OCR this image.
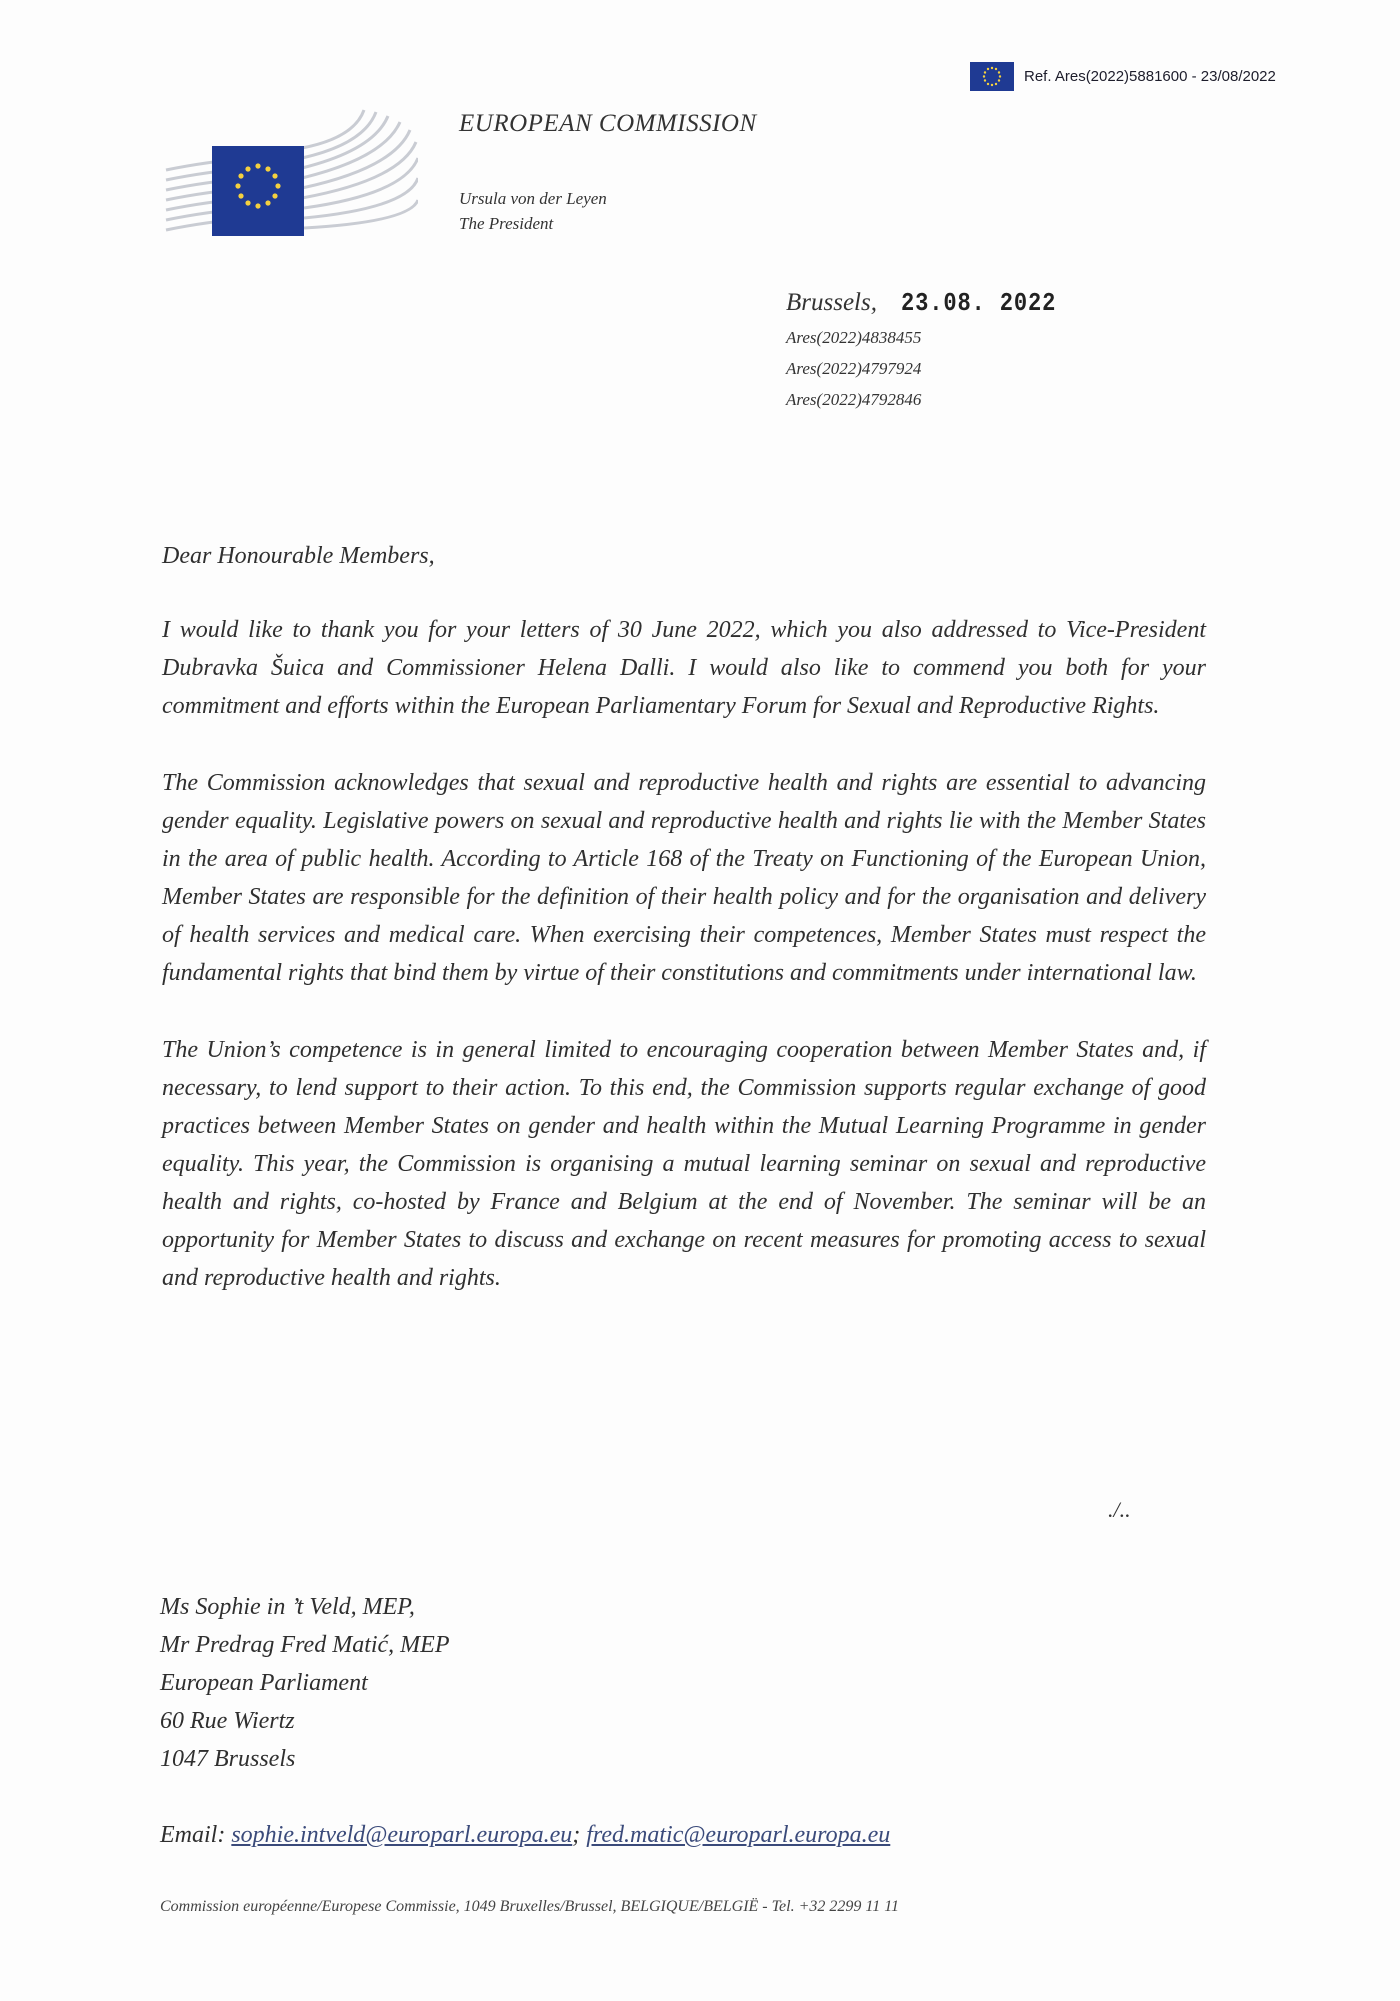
Ref. Ares(2022)5881600 - 23/08/2022
EUROPEAN COMMISSION
Ursula von der Leyen
The President
Brussels, 23.08. 2022
Ares(2022)4838455
Ares(2022)4797924
Ares(2022)4792846

Dear Honourable Members,

I would like to thank you for your letters of 30 June 2022, which you also addressed to Vice-President Dubravka Šuica and Commissioner Helena Dalli. I would also like to commend you both for your commitment and efforts within the European Parliamentary Forum for Sexual and Reproductive Rights.

The Commission acknowledges that sexual and reproductive health and rights are essential to advancing gender equality. Legislative powers on sexual and reproductive health and rights lie with the Member States in the area of public health. According to Article 168 of the Treaty on Functioning of the European Union, Member States are responsible for the definition of their health policy and for the organisation and delivery of health services and medical care. When exercising their competences, Member States must respect the fundamental rights that bind them by virtue of their constitutions and commitments under international law.

The Union’s competence is in general limited to encouraging cooperation between Member States and, if necessary, to lend support to their action. To this end, the Commission supports regular exchange of good practices between Member States on gender and health within the Mutual Learning Programme in gender equality. This year, the Commission is organising a mutual learning seminar on sexual and reproductive health and rights, co-hosted by France and Belgium at the end of November. The seminar will be an opportunity for Member States to discuss and exchange on recent measures for promoting access to sexual and reproductive health and rights.

./..
Ms Sophie in ’t Veld, MEP,
Mr Predrag Fred Matić, MEP
European Parliament
60 Rue Wiertz
1047 Brussels
Email: sophie.intveld@europarl.europa.eu; fred.matic@europarl.europa.eu
Commission européenne/Europese Commissie, 1049 Bruxelles/Brussel, BELGIQUE/BELGIË - Tel. +32 2299 11 11
